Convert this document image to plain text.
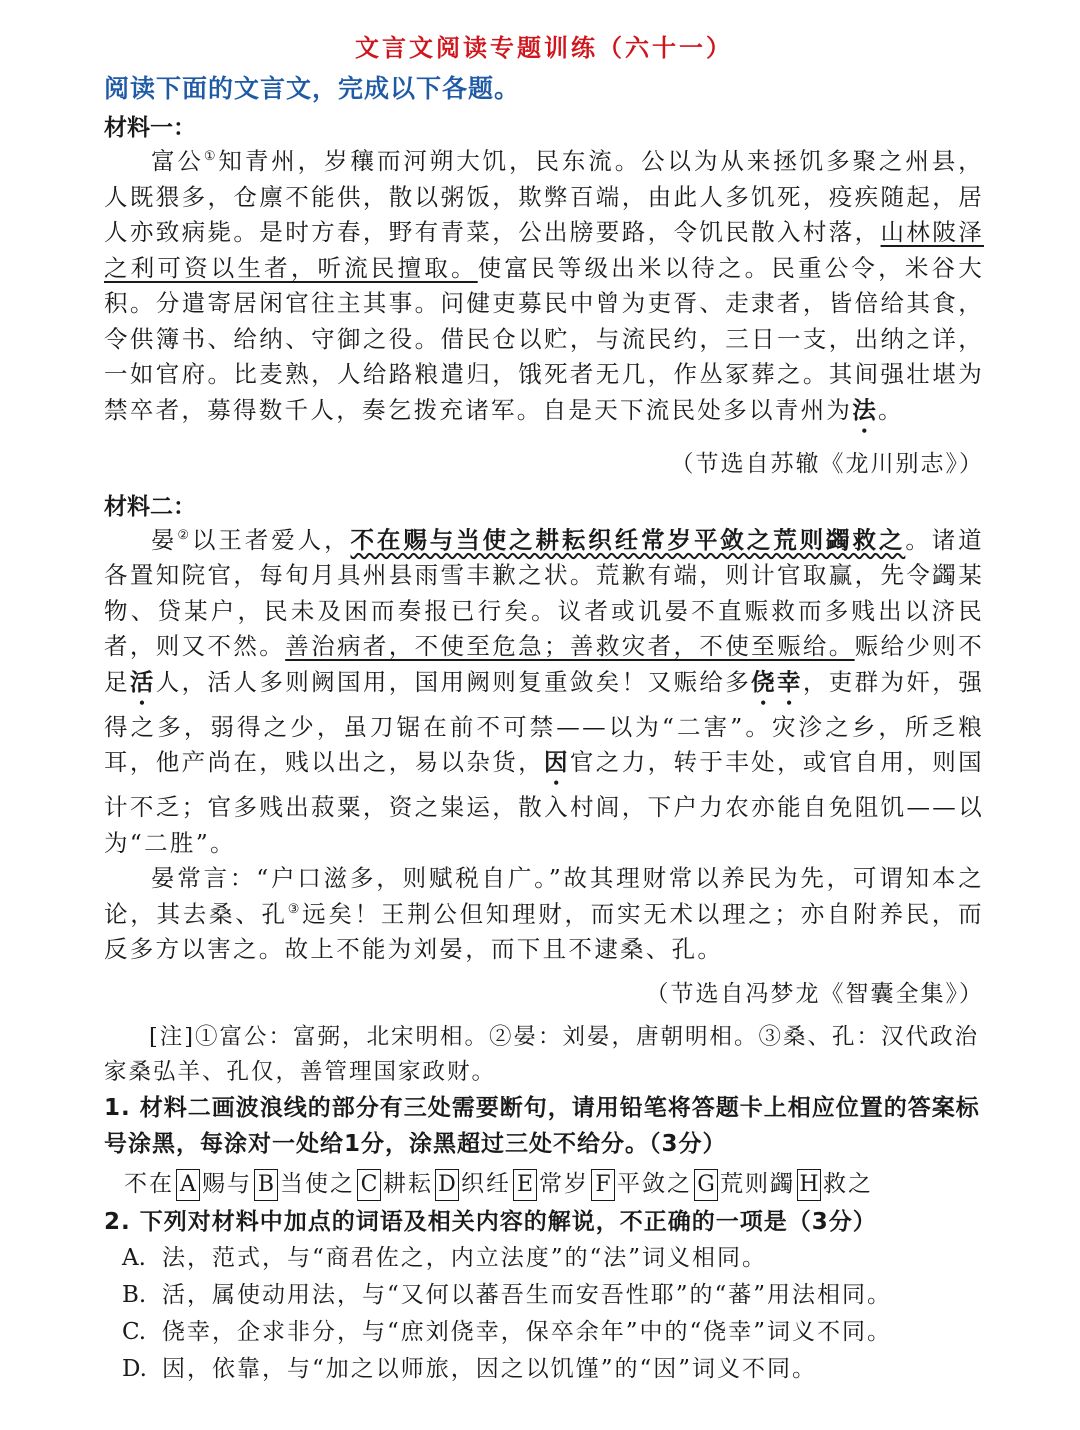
文言文阅读专题训练（六十一）
阅读下面的文言文，完成以下各题。
材料一：

富公①知青州，岁穰而河朔大饥，民东流。公以为从来拯饥多聚之州县，人既猥多，仓廪不能供，散以粥饭，欺弊百端，由此人多饥死，疫疾随起，居人亦致病毙。是时方春，野有青菜，公出牓要路，令饥民散入村落，山林陂泽之利可资以生者，听流民擅取。使富民等级出米以待之。民重公令，米谷大积。分遣寄居闲官往主其事。问健吏募民中曾为吏胥、走隶者，皆倍给其食，令供簿书、给纳、守御之役。借民仓以贮，与流民约，三日一支，出纳之详，一如官府。比麦熟，人给路粮遣归，饿死者无几，作丛冢葬之。其间强壮堪为禁卒者，募得数千人，奏乞拨充诸军。自是天下流民处多以青州为法。

（节选自苏辙《龙川别志》）
材料二：

晏②以王者爱人，不在赐与当使之耕耘织纴常岁平敛之荒则蠲救之。诸道各置知院官，每旬月具州县雨雪丰歉之状。荒歉有端，则计官取赢，先令蠲某物、贷某户，民未及困而奏报已行矣。议者或讥晏不直赈救而多贱出以济民者，则又不然。善治病者，不使至危急；善救灾者，不使至赈给。赈给少则不足活人，活人多则阙国用，国用阙则复重敛矣！又赈给多侥幸，吏群为奸，强得之多，弱得之少，虽刀锯在前不可禁——以为“二害”。灾沴之乡，所乏粮耳，他产尚在，贱以出之，易以杂货，因官之力，转于丰处，或官自用，则国计不乏；官多贱出菽粟，资之粜运，散入村闾，下户力农亦能自免阻饥——以为“二胜”。

晏常言：“户口滋多，则赋税自广。”故其理财常以养民为先，可谓知本之论，其去桑、孔③远矣！王荆公但知理财，而实无术以理之；亦自附养民，而反多方以害之。故上不能为刘晏，而下且不逮桑、孔。

（节选自冯梦龙《智囊全集》）

[注]①富公：富弼，北宋明相。②晏：刘晏，唐朝明相。③桑、孔：汉代政治家桑弘羊、孔仅，善管理国家政财。

1. 材料二画波浪线的部分有三处需要断句，请用铅笔将答题卡上相应位置的答案标号涂黑，每涂对一处给1分，涂黑超过三处不给分。（3分）

不在 A 赐与 B 当使之 C 耕耘 D 织纴 E 常岁 F 平敛之 G 荒则蠲 H 救之

2. 下列对材料中加点的词语及相关内容的解说，不正确的一项是（3分）

A. 法，范式，与“商君佐之，内立法度”的“法”词义相同。
B. 活，属使动用法，与“又何以蕃吾生而安吾性耶”的“蕃”用法相同。
C. 侥幸，企求非分，与“庶刘侥幸，保卒余年”中的“侥幸”词义不同。
D. 因，依靠，与“加之以师旅，因之以饥馑”的“因”词义不同。
